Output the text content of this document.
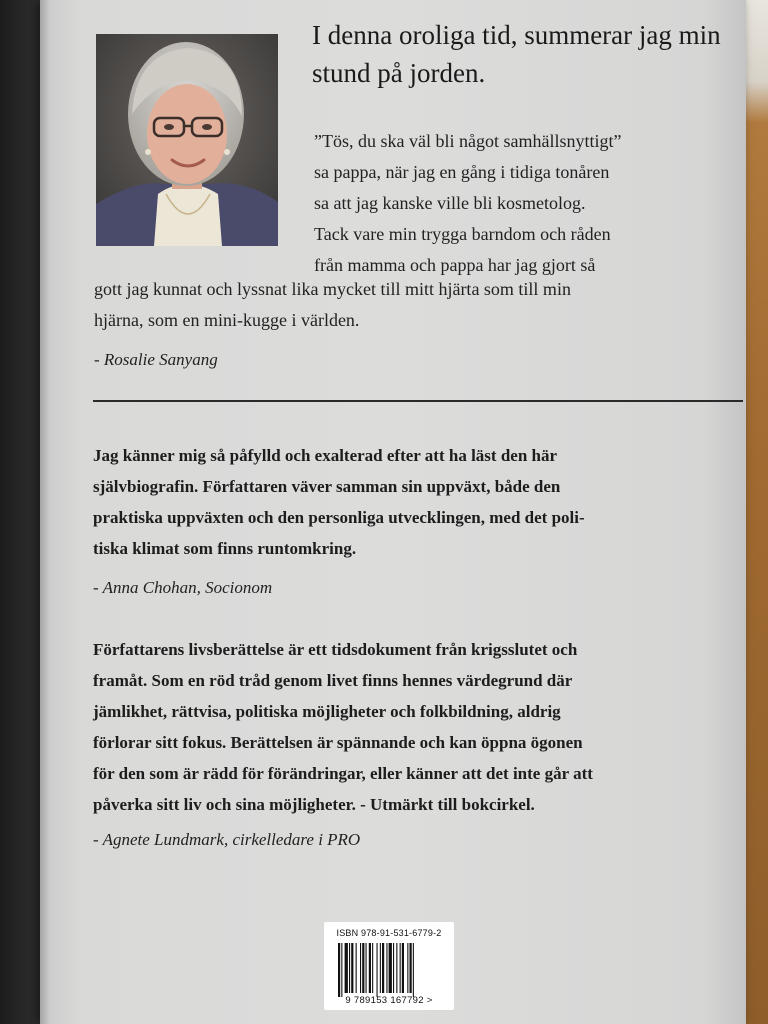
I denna oroliga tid, summerar jag min stund på jorden.
”Tös, du ska väl bli något samhällsnyttigt”
sa pappa, när jag en gång i tidiga tonåren
sa att jag kanske ville bli kosmetolog.
Tack vare min trygga barndom och råden
från mamma och pappa har jag gjort så
gott jag kunnat och lyssnat lika mycket till mitt hjärta som till min
hjärna, som en mini-kugge i världen.
- Rosalie Sanyang
Jag känner mig så påfylld och exalterad efter att ha läst den här
självbiografin. Författaren väver samman sin uppväxt, både den
praktiska uppväxten och den personliga utvecklingen, med det poli-
tiska klimat som finns runtomkring.
- Anna Chohan, Socionom
Författarens livsberättelse är ett tidsdokument från krigsslutet och
framåt. Som en röd tråd genom livet finns hennes värdegrund där
jämlikhet, rättvisa, politiska möjligheter och folkbildning, aldrig
förlorar sitt fokus. Berättelsen är spännande och kan öppna ögonen
för den som är rädd för förändringar, eller känner att det inte går att
påverka sitt liv och sina möjligheter. - Utmärkt till bokcirkel.
- Agnete Lundmark, cirkelledare i PRO
ISBN 978-91-531-6779-2
9 789153 167792 >
